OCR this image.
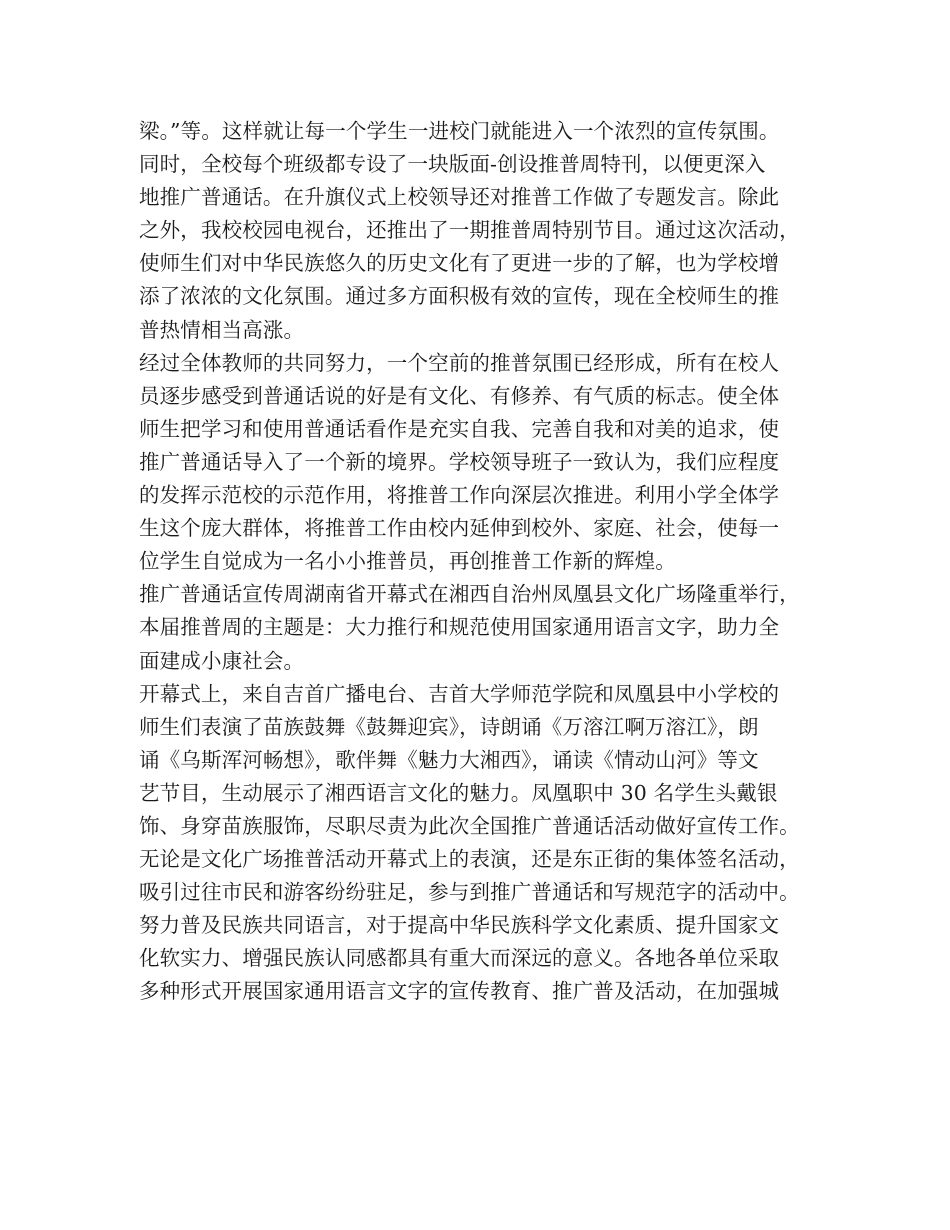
梁。”等。这样就让每一个学生一进校门就能进入一个浓烈的宣传氛围。
同时，全校每个班级都专设了一块版面-创设推普周特刊，以便更深入
地推广普通话。在升旗仪式上校领导还对推普工作做了专题发言。除此
之外，我校校园电视台，还推出了一期推普周特别节目。通过这次活动，
使师生们对中华民族悠久的历史文化有了更进一步的了解，也为学校增
添了浓浓的文化氛围。通过多方面积极有效的宣传，现在全校师生的推
普热情相当高涨。
经过全体教师的共同努力，一个空前的推普氛围已经形成，所有在校人
员逐步感受到普通话说的好是有文化、有修养、有气质的标志。使全体
师生把学习和使用普通话看作是充实自我、完善自我和对美的追求，使
推广普通话导入了一个新的境界。学校领导班子一致认为，我们应程度
的发挥示范校的示范作用，将推普工作向深层次推进。利用小学全体学
生这个庞大群体，将推普工作由校内延伸到校外、家庭、社会，使每一
位学生自觉成为一名小小推普员，再创推普工作新的辉煌。
推广普通话宣传周湖南省开幕式在湘西自治州凤凰县文化广场隆重举行，
本届推普周的主题是：大力推行和规范使用国家通用语言文字，助力全
面建成小康社会。
开幕式上，来自吉首广播电台、吉首大学师范学院和凤凰县中小学校的
师生们表演了苗族鼓舞《鼓舞迎宾》，诗朗诵《万溶江啊万溶江》，朗
诵《乌斯浑河畅想》，歌伴舞《魅力大湘西》，诵读《情动山河》等文
艺节目，生动展示了湘西语言文化的魅力。凤凰职中 30 名学生头戴银
饰、身穿苗族服饰，尽职尽责为此次全国推广普通话活动做好宣传工作。
无论是文化广场推普活动开幕式上的表演，还是东正街的集体签名活动，
吸引过往市民和游客纷纷驻足，参与到推广普通话和写规范字的活动中。
努力普及民族共同语言，对于提高中华民族科学文化素质、提升国家文
化软实力、增强民族认同感都具有重大而深远的意义。各地各单位采取
多种形式开展国家通用语言文字的宣传教育、推广普及活动，在加强城
